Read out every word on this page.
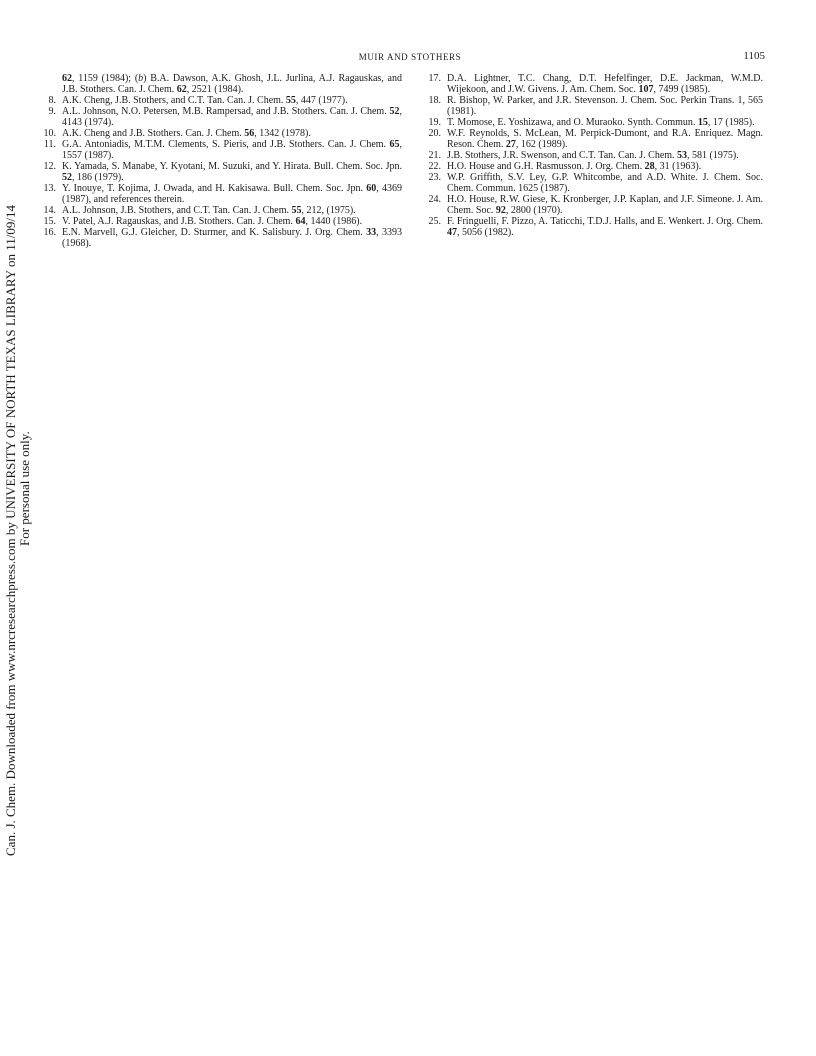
MUIR AND STOTHERS	1105
62, 1159 (1984); (b) B.A. Dawson, A.K. Ghosh, J.L. Jurlina, A.J. Ragauskas, and J.B. Stothers. Can. J. Chem. 62, 2521 (1984).
8. A.K. Cheng, J.B. Stothers, and C.T. Tan. Can. J. Chem. 55, 447 (1977).
9. A.L. Johnson, N.O. Petersen, M.B. Rampersad, and J.B. Stothers. Can. J. Chem. 52, 4143 (1974).
10. A.K. Cheng and J.B. Stothers. Can. J. Chem. 56, 1342 (1978).
11. G.A. Antoniadis, M.T.M. Clements, S. Pieris, and J.B. Stothers. Can. J. Chem. 65, 1557 (1987).
12. K. Yamada, S. Manabe, Y. Kyotani, M. Suzuki, and Y. Hirata. Bull. Chem. Soc. Jpn. 52, 186 (1979).
13. Y. Inouye, T. Kojima, J. Owada, and H. Kakisawa. Bull. Chem. Soc. Jpn. 60, 4369 (1987), and references therein.
14. A.L. Johnson, J.B. Stothers, and C.T. Tan. Can. J. Chem. 55, 212, (1975).
15. V. Patel, A.J. Ragauskas, and J.B. Stothers. Can. J. Chem. 64, 1440 (1986).
16. E.N. Marvell, G.J. Gleicher, D. Sturmer, and K. Salisbury. J. Org. Chem. 33, 3393 (1968).
17. D.A. Lightner, T.C. Chang, D.T. Hefelfinger, D.E. Jackman, W.M.D. Wijekoon, and J.W. Givens. J. Am. Chem. Soc. 107, 7499 (1985).
18. R. Bishop, W. Parker, and J.R. Stevenson. J. Chem. Soc. Perkin Trans. 1, 565 (1981).
19. T. Momose, E. Yoshizawa, and O. Muraoko. Synth. Commun. 15, 17 (1985).
20. W.F. Reynolds, S. McLean, M. Perpick-Dumont, and R.A. Enriquez. Magn. Reson. Chem. 27, 162 (1989).
21. J.B. Stothers, J.R. Swenson, and C.T. Tan. Can. J. Chem. 53, 581 (1975).
22. H.O. House and G.H. Rasmusson. J. Org. Chem. 28, 31 (1963).
23. W.P. Griffith, S.V. Ley, G.P. Whitcombe, and A.D. White. J. Chem. Soc. Chem. Commun. 1625 (1987).
24. H.O. House, R.W. Giese, K. Kronberger, J.P. Kaplan, and J.F. Simeone. J. Am. Chem. Soc. 92, 2800 (1970).
25. F. Fringuelli, F. Pizzo, A. Taticchi, T.D.J. Halls, and E. Wenkert. J. Org. Chem. 47, 5056 (1982).
Can. J. Chem. Downloaded from www.nrcresearchpress.com by UNIVERSITY OF NORTH TEXAS LIBRARY on 11/09/14 For personal use only.
